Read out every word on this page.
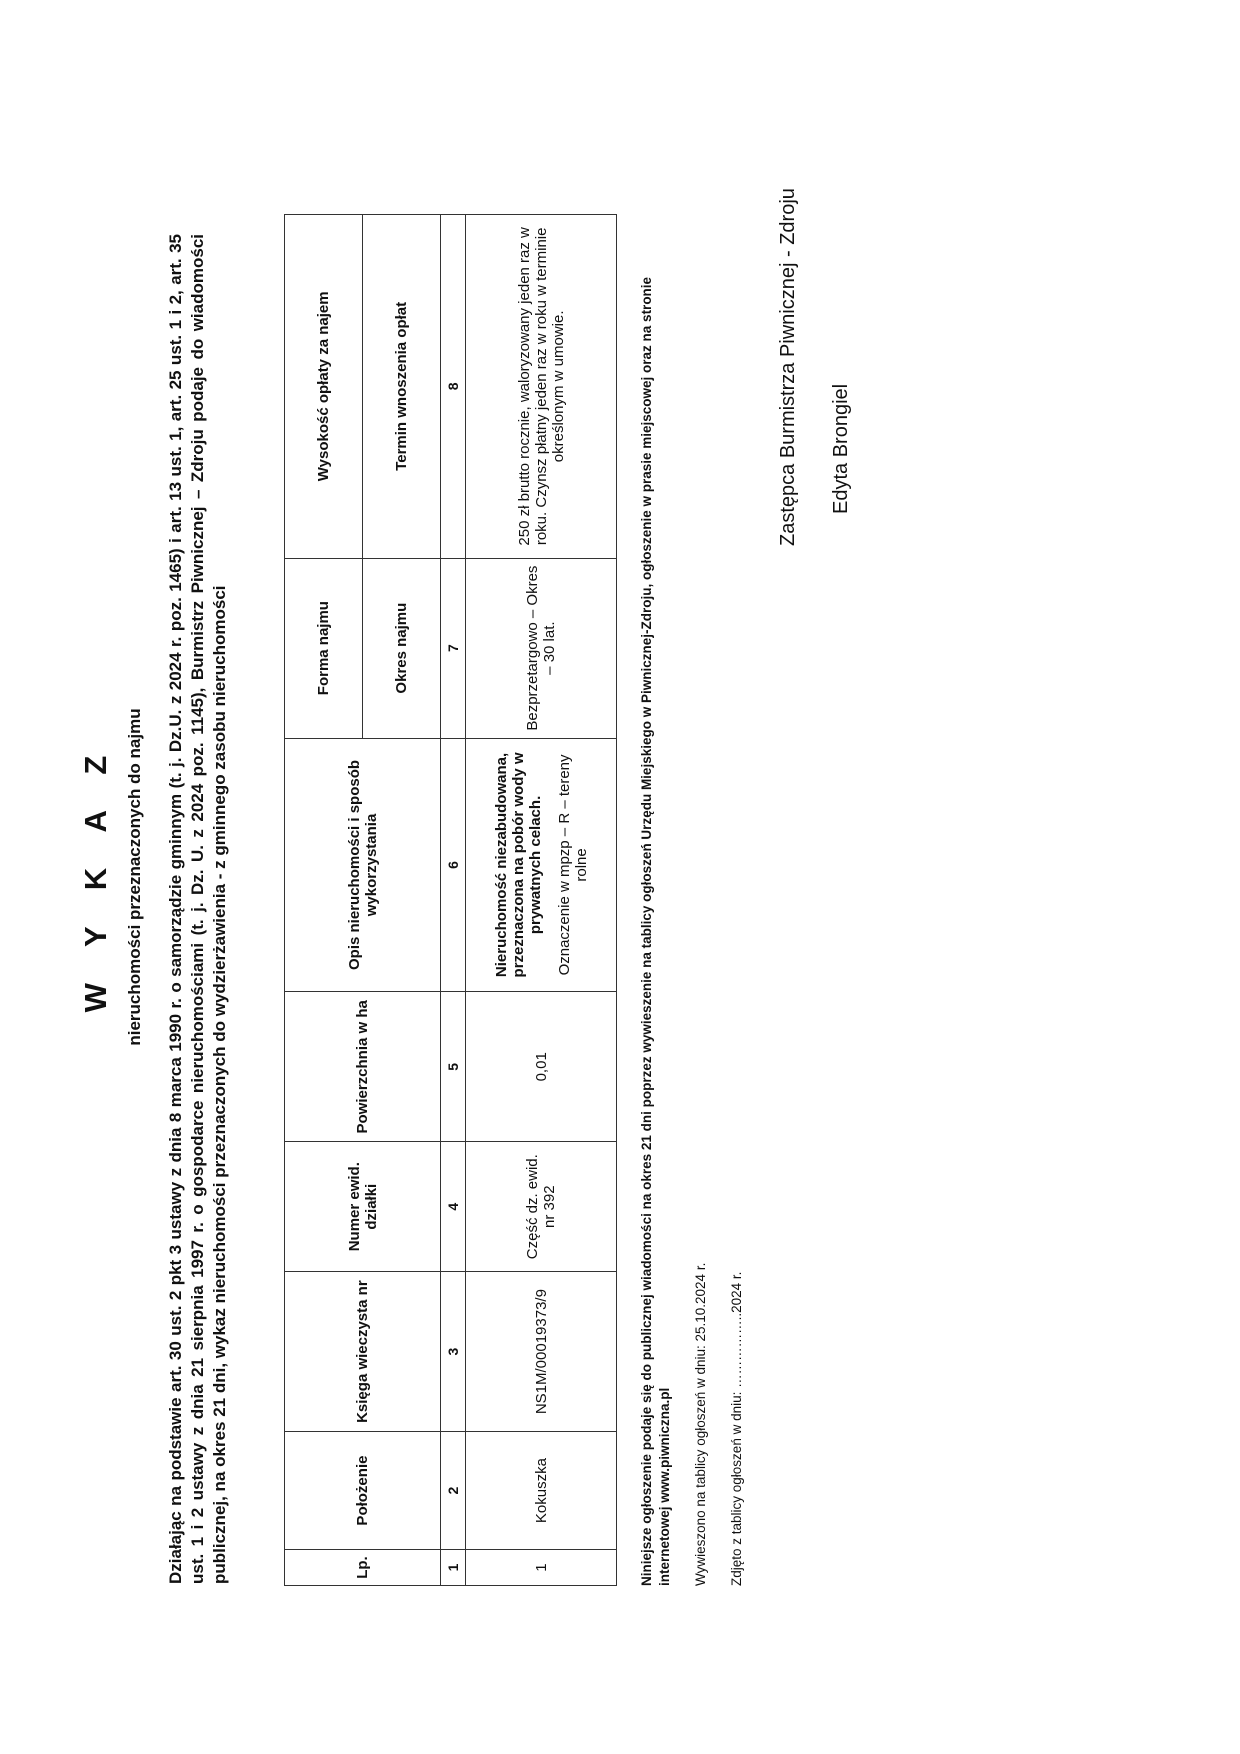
W Y K A Z nieruchomości przeznaczonych do najmu Działając na podstawie art. 30 ust. 2 pkt 3 ustawy z dnia 8 marca 1990 r. o samorządzie gminnym (t. j. Dz.U. z 2024 r. poz. 1465) i art. 13 ust. 1, art. 25 ust. 1 i 2, art. 35 ust. 1 i 2 ustawy z dnia 21 sierpnia 1997 r. o gospodarce nieruchomościami (t. j. Dz. U. z 2024 poz. 1145), Burmistrz Piwnicznej – Zdroju podaje do wiadomości publicznej, na okres 21 dni, wykaz nieruchomości przeznaczonych do wydzierżawienia - z gminnego zasobu nieruchomości	Lp.	Położenie	Księga wieczysta nr	Numer ewid. działki	Powierzchnia w ha	Opis nieruchomości i sposób wykorzystania	Forma najmu	Wysokość opłaty za najem
						Okres najmu	Termin wnoszenia opłat
1	2	3	4	5	6	7	8
1	Kokuszka	NS1M/00019373/9	Część dz. ewid. nr 392	0,01	Nieruchomość niezabudowana, przeznaczona na pobór wody w prywatnych celach. Oznaczenie w mpzp – R – tereny rolne	Bezprzetargowo – Okres – 30 lat.	250 zł brutto rocznie, waloryzowany jeden raz w roku. Czynsz płatny jeden raz w roku w terminie określonym w umowie.	Niniejsze ogłoszenie podaje się do publicznej wiadomości na okres 21 dni poprzez wywieszenie na tablicy ogłoszeń Urzędu Miejskiego w Piwnicznej-Zdroju, ogłoszenie w prasie miejscowej oraz na stronie internetowej www.piwniczna.pl Wywieszono na tablicy ogłoszeń w dniu: 25.10.2024 r. Zdjęto z tablicy ogłoszeń w dniu: ……………..2024 r.
Zastępca Burmistrza Piwnicznej - Zdroju Edyta Brongiel
